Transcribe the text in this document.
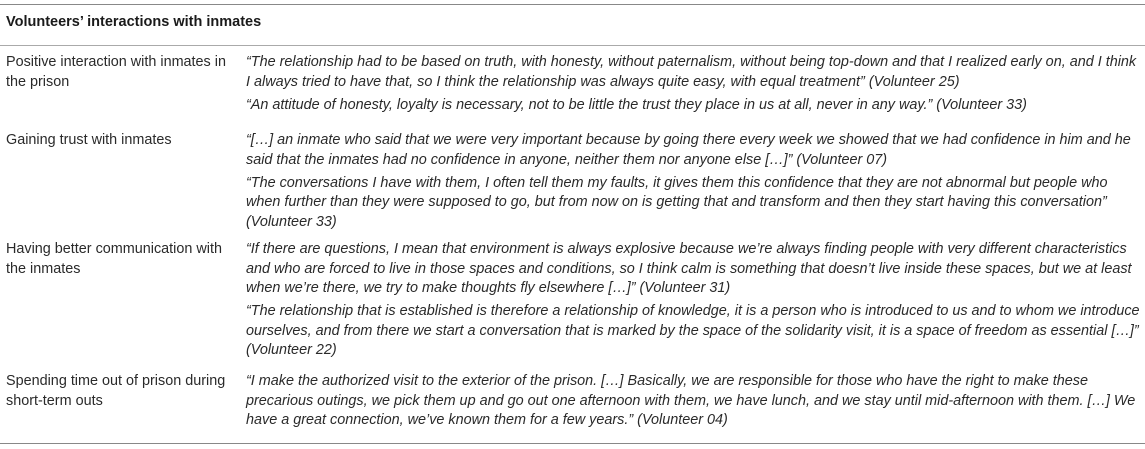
Volunteers’ interactions with inmates
Positive interaction with inmates in the prison

“The relationship had to be based on truth, with honesty, without paternalism, without being top-down and that I realized early on, and I think I always tried to have that, so I think the relationship was always quite easy, with equal treatment” (Volunteer 25)

“An attitude of honesty, loyalty is necessary, not to be little the trust they place in us at all, never in any way.” (Volunteer 33)

Gaining trust with inmates	“[…] an inmate who said that we were very important because by going there every week we showed that we had confidence in him and he said that the inmates had no confidence in anyone, neither them nor anyone else […]” (Volunteer 07)

“The conversations I have with them, I often tell them my faults, it gives them this confidence that they are not abnormal but people who when further than they were supposed to go, but from now on is getting that and transform and then they start having this conversation” (Volunteer 33)

Having better communication with the inmates

“If there are questions, I mean that environment is always explosive because we’re always finding people with very different characteristics and who are forced to live in those spaces and conditions, so I think calm is something that doesn’t live inside these spaces, but we at least when we’re there, we try to make thoughts fly elsewhere […]” (Volunteer 31)

“The relationship that is established is therefore a relationship of knowledge, it is a person who is introduced to us and to whom we introduce ourselves, and from there we start a conversation that is marked by the space of the solidarity visit, it is a space of freedom as essential […]” (Volunteer 22)

Spending time out of prison during short-term outs

“I make the authorized visit to the exterior of the prison. […] Basically, we are responsible for those who have the right to make these precarious outings, we pick them up and go out one afternoon with them, we have lunch, and we stay until mid-afternoon with them. […] We have a great connection, we’ve known them for a few years.” (Volunteer 04)
